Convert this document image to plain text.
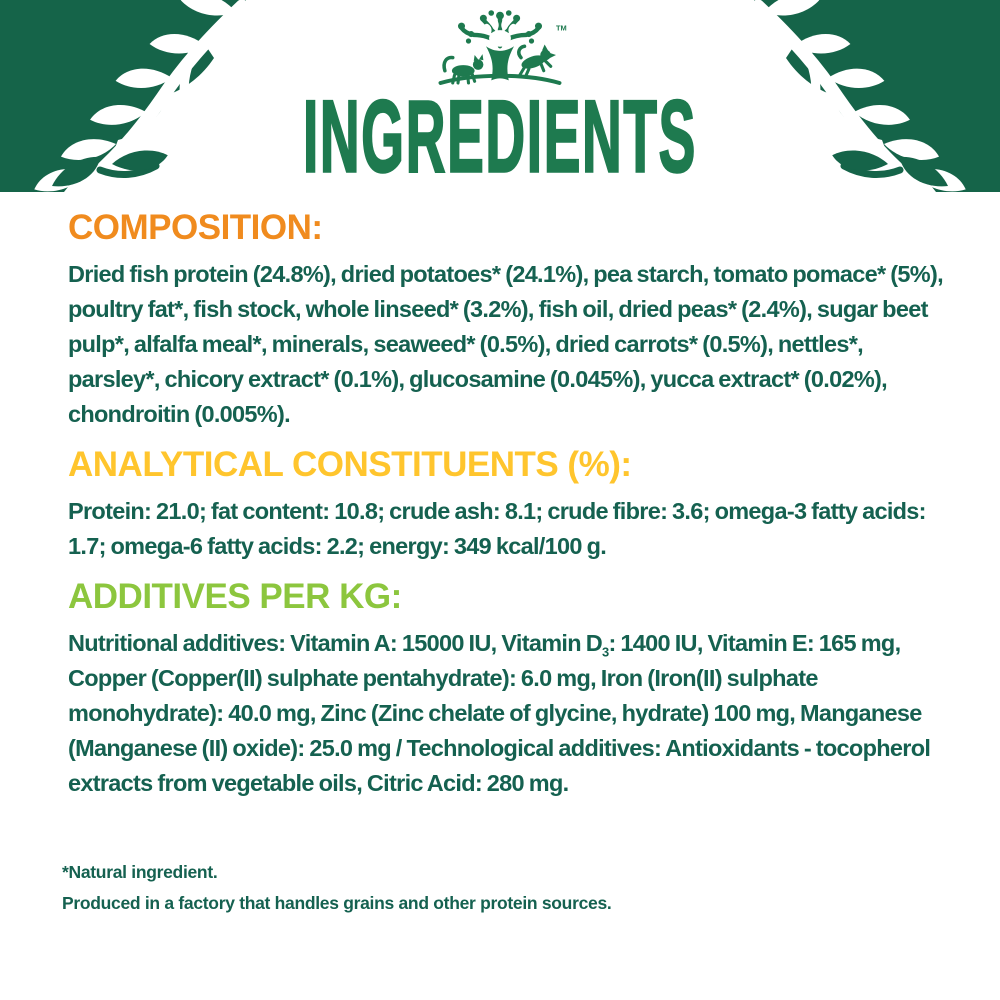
TM
INGREDIENTS
COMPOSITION:

Dried fish protein (24.8%), dried potatoes* (24.1%), pea starch, tomato pomace* (5%), poultry fat*, fish stock, whole linseed* (3.2%), fish oil, dried peas* (2.4%), sugar beet pulp*, alfalfa meal*, minerals, seaweed* (0.5%), dried carrots* (0.5%), nettles*, parsley*, chicory extract* (0.1%), glucosamine (0.045%), yucca extract* (0.02%), chondroitin (0.005%).

ANALYTICAL CONSTITUENTS (%):

Protein: 21.0; fat content: 10.8; crude ash: 8.1; crude fibre: 3.6; omega-3 fatty acids: 1.7; omega-6 fatty acids: 2.2; energy: 349 kcal/100 g.

ADDITIVES PER KG:

Nutritional additives: Vitamin A: 15000 IU, Vitamin $D_3$: 1400 IU, Vitamin E: 165 mg, Copper (Copper(II) sulphate pentahydrate): 6.0 mg, Iron (Iron(II) sulphate monohydrate): 40.0 mg, Zinc (Zinc chelate of glycine, hydrate) 100 mg, Manganese (Manganese (II) oxide): 25.0 mg / Technological additives: Antioxidants - tocopherol extracts from vegetable oils, Citric Acid: 280 mg.

*Natural ingredient.
Produced in a factory that handles grains and other protein sources.
